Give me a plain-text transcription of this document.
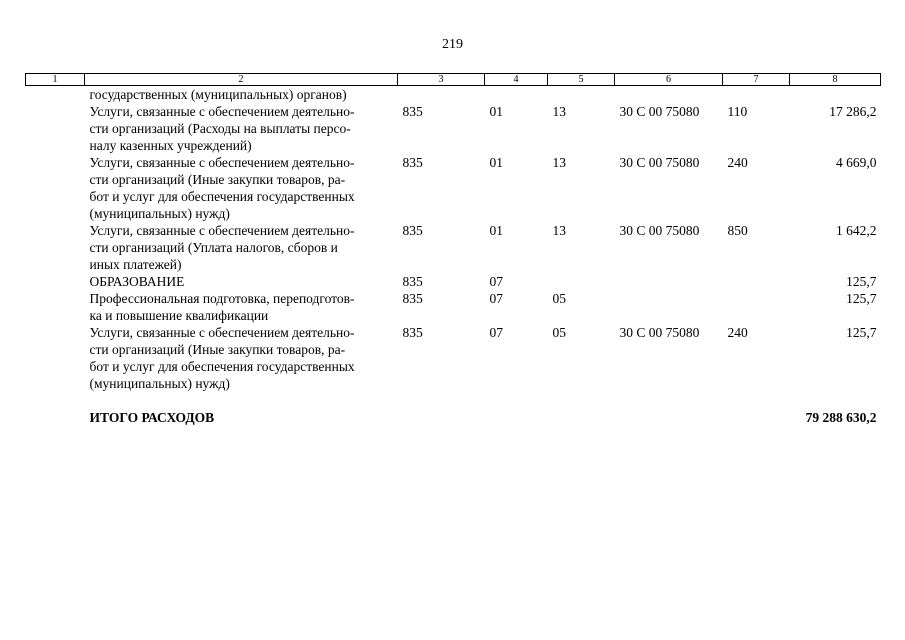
219
1	2	3	4	5	6	7	8

	государственных (муниципальных) органов)						

	Услуги, связанные с обеспечением деятельно-
сти организаций (Расходы на выплаты персо-
налу казенных учреждений)	835	01	13	30 С 00 75080	110	17 286,2

	Услуги, связанные с обеспечением деятельно-
сти организаций (Иные закупки товаров, ра-
бот и услуг для обеспечения государственных
(муниципальных) нужд)	835	01	13	30 С 00 75080	240	4 669,0

	Услуги, связанные с обеспечением деятельно-
сти организаций (Уплата налогов, сборов и
иных платежей)	835	01	13	30 С 00 75080	850	1 642,2

	ОБРАЗОВАНИЕ	835	07				125,7

	Профессиональная подготовка, переподготов-
ка и повышение квалификации	835	07	05			125,7

	Услуги, связанные с обеспечением деятельно-
сти организаций (Иные закупки товаров, ра-
бот и услуг для обеспечения государственных
(муниципальных) нужд)	835	07	05	30 С 00 75080	240	125,7

	ИТОГО РАСХОДОВ						79 288 630,2
